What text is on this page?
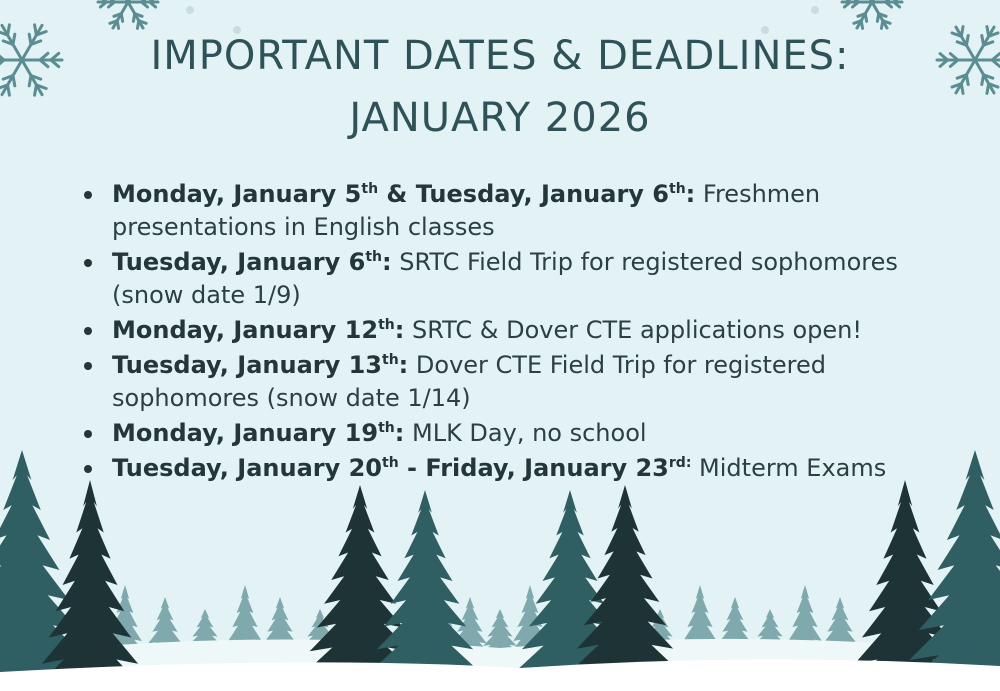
IMPORTANT DATES & DEADLINES:
JANUARY 2026
Monday, January 5th & Tuesday, January 6th: Freshmen presentations in English classes
Tuesday, January 6th: SRTC Field Trip for registered sophomores (snow date 1/9)
Monday, January 12th: SRTC & Dover CTE applications open!
Tuesday, January 13th: Dover CTE Field Trip for registered sophomores (snow date 1/14)
Monday, January 19th: MLK Day, no school
Tuesday, January 20th - Friday, January $23^{rd:}$ Midterm Exams
